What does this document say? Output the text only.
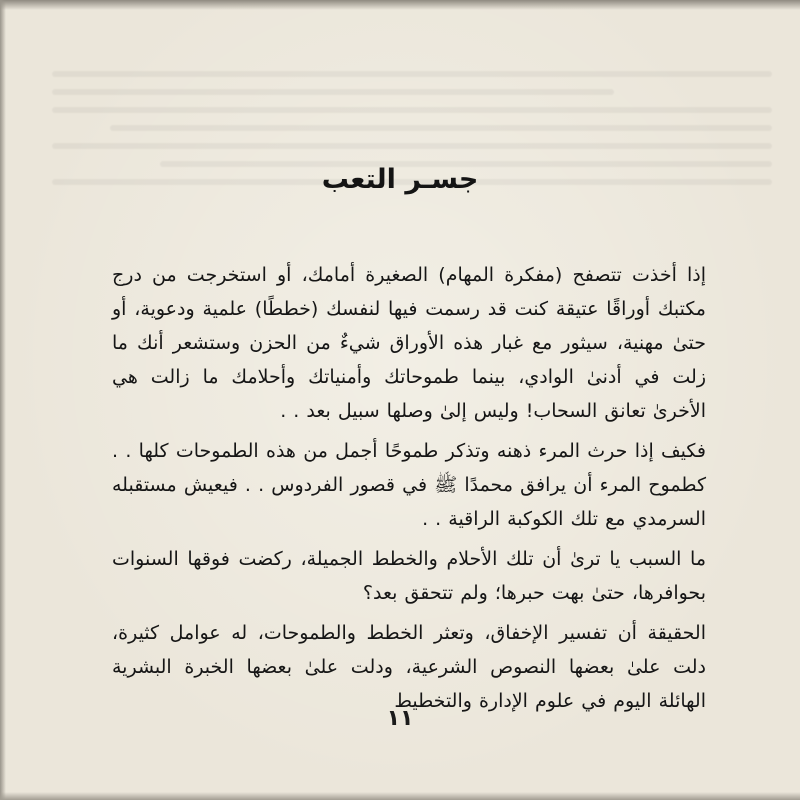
جسـر التعب

إذا أخذت تتصفح (مفكرة المهام) الصغيرة أمامك، أو استخرجت من درج مكتبك أوراقًا عتيقة كنت قد رسمت فيها لنفسك (خططًا) علمية ودعوية، أو حتىٰ مهنية، سيثور مع غبار هذه الأوراق شيءٌ من الحزن وستشعر أنك ما زلت في أدنىٰ الوادي، بينما طموحاتك وأمنياتك وأحلامك ما زالت هي الأخرىٰ تعانق السحاب! وليس إلىٰ وصلها سبيل بعد . .

فكيف إذا حرث المرء ذهنه وتذكر طموحًا أجمل من هذه الطموحات كلها . . كطموح المرء أن يرافق محمدًا ﷺ في قصور الفردوس . . فيعيش مستقبله السرمدي مع تلك الكوكبة الراقية . .

ما السبب يا ترىٰ أن تلك الأحلام والخطط الجميلة، ركضت فوقها السنوات بحوافرها، حتىٰ بهت حبرها؛ ولم تتحقق بعد؟

الحقيقة أن تفسير الإخفاق، وتعثر الخطط والطموحات، له عوامل كثيرة، دلت علىٰ بعضها النصوص الشرعية، ودلت علىٰ بعضها الخبرة البشرية الهائلة اليوم في علوم الإدارة والتخطيط

١١
